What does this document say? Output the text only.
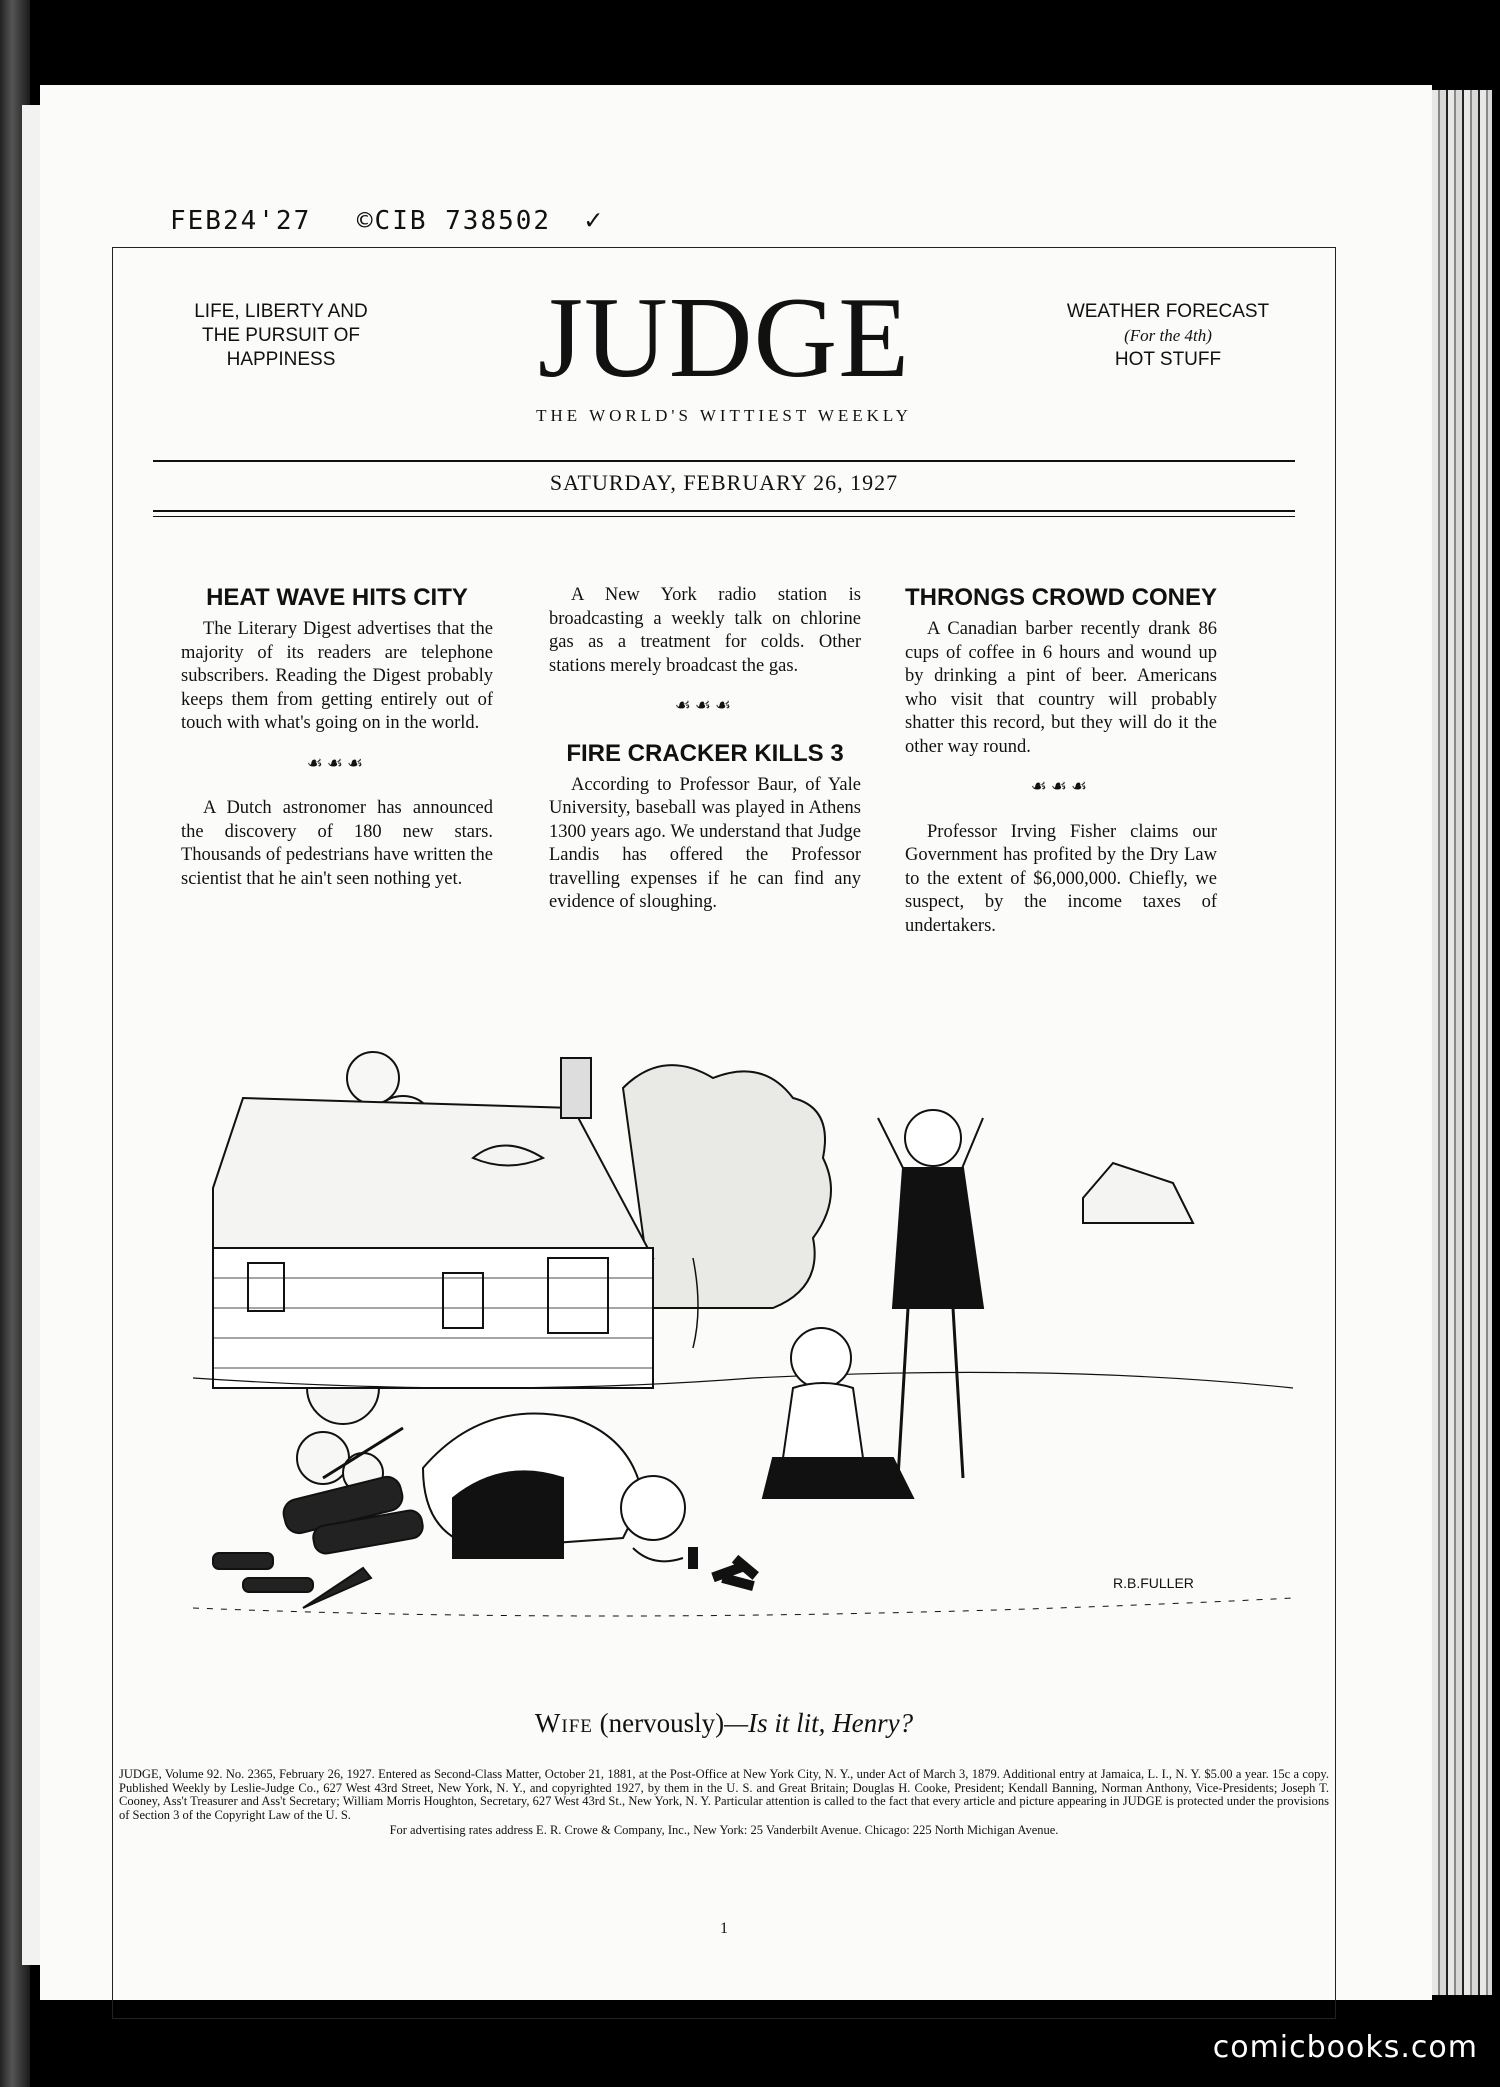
FEB24'27 ©CIB 738502 ✓
LIFE, LIBERTY AND
THE PURSUIT OF
HAPPINESS	JUDGE
THE WORLD'S WITTIEST WEEKLY
WEATHER FORECAST
(For the 4th)
HOT STUFF
SATURDAY, FEBRUARY 26, 1927
HEAT WAVE HITS CITY

The Literary Digest advertises that the majority of its readers are telephone subscribers. Reading the Digest probably keeps them from getting entirely out of touch with what's going on in the world.

☙☙☙

A Dutch astronomer has announced the discovery of 180 new stars. Thousands of pedestrians have written the scientist that he ain't seen nothing yet.

A New York radio station is broadcasting a weekly talk on chlorine gas as a treatment for colds. Other stations merely broadcast the gas.

☙☙☙
FIRE CRACKER KILLS 3

According to Professor Baur, of Yale University, baseball was played in Athens 1300 years ago. We understand that Judge Landis has offered the Professor travelling expenses if he can find any evidence of sloughing.

THRONGS CROWD CONEY

A Canadian barber recently drank 86 cups of coffee in 6 hours and wound up by drinking a pint of beer. Americans who visit that country will probably shatter this record, but they will do it the other way round.

☙☙☙

Professor Irving Fisher claims our Government has profited by the Dry Law to the extent of $6,000,000. Chiefly, we suspect, by the income taxes of undertakers.

R.B.FULLER
Wife (nervously)—Is it lit, Henry?
JUDGE, Volume 92. No. 2365, February 26, 1927. Entered as Second-Class Matter, October 21, 1881, at the Post-Office at New York City, N. Y., under Act of March 3, 1879. Additional entry at Jamaica, L. I., N. Y. $5.00 a year. 15c a copy. Published Weekly by Leslie-Judge Co., 627 West 43rd Street, New York, N. Y., and copyrighted 1927, by them in the U. S. and Great Britain; Douglas H. Cooke, President; Kendall Banning, Norman Anthony, Vice-Presidents; Joseph T. Cooney, Ass't Treasurer and Ass't Secretary; William Morris Houghton, Secretary, 627 West 43rd St., New York, N. Y. Particular attention is called to the fact that every article and picture appearing in JUDGE is protected under the provisions of Section 3 of the Copyright Law of the U. S.
For advertising rates address E. R. Crowe & Company, Inc., New York: 25 Vanderbilt Avenue. Chicago: 225 North Michigan Avenue.
1
comicbooks.com
